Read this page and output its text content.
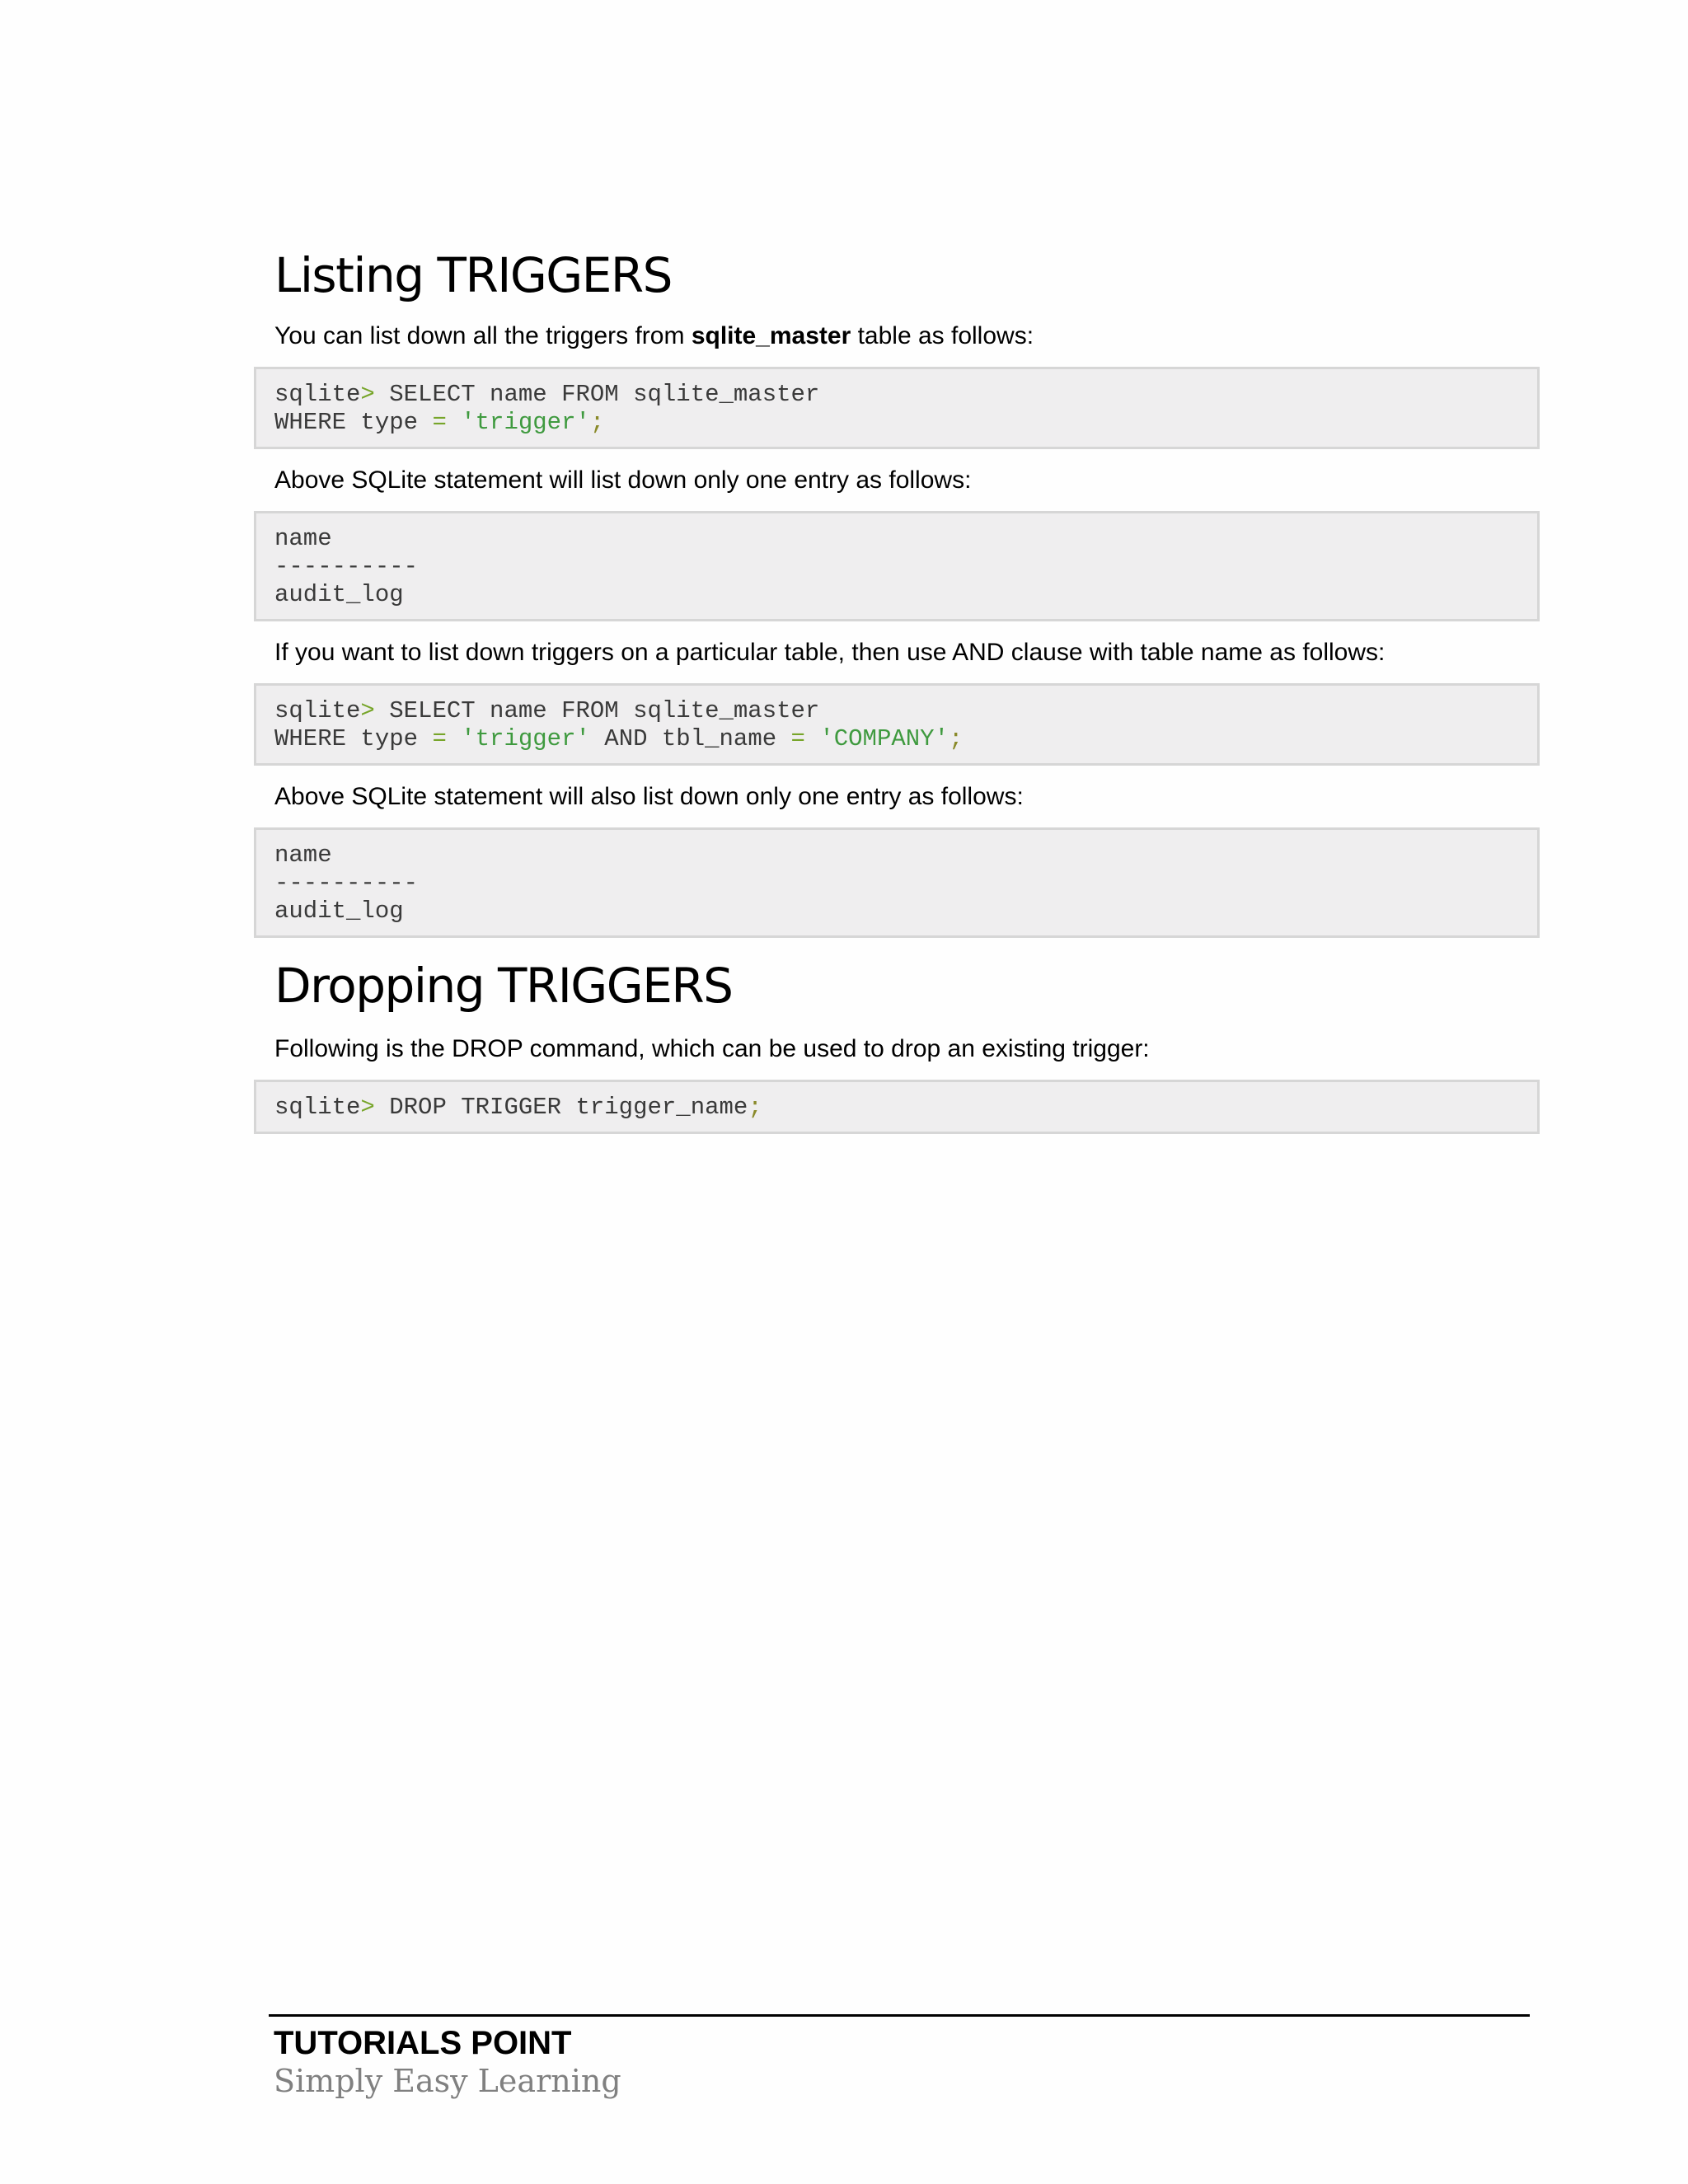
Listing TRIGGERS

You can list down all the triggers from sqlite_master table as follows:

sqlite> SELECT name FROM sqlite_master
WHERE type = 'trigger';

Above SQLite statement will list down only one entry as follows:

name
----------
audit_log

If you want to list down triggers on a particular table, then use AND clause with table name as follows:

sqlite> SELECT name FROM sqlite_master
WHERE type = 'trigger' AND tbl_name = 'COMPANY';

Above SQLite statement will also list down only one entry as follows:

name
----------
audit_log
Dropping TRIGGERS

Following is the DROP command, which can be used to drop an existing trigger:

sqlite> DROP TRIGGER trigger_name;
TUTORIALS POINT
Simply Easy Learning
